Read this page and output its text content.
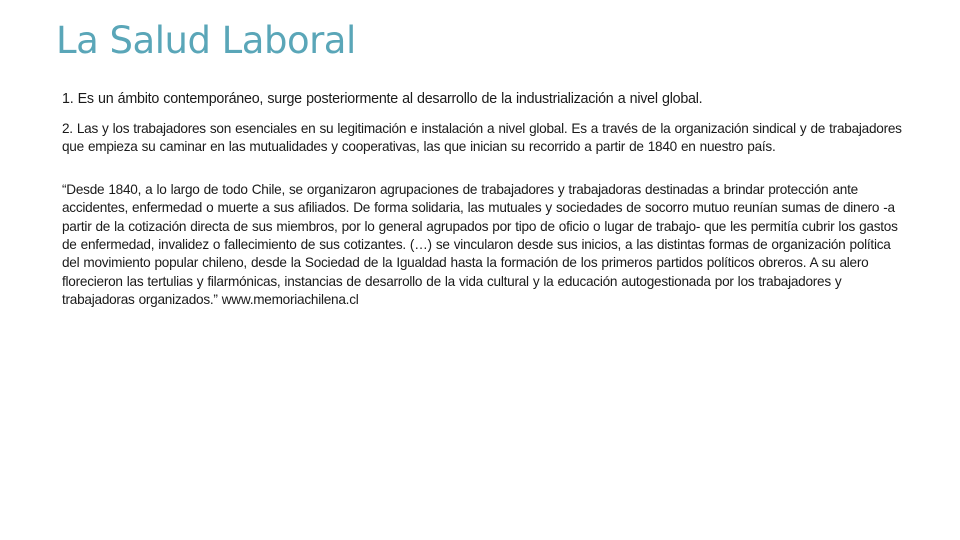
La Salud Laboral

1. Es un ámbito contemporáneo, surge posteriormente al desarrollo de la industrialización a nivel global.

2. Las y los trabajadores son esenciales en su legitimación e instalación a nivel global. Es a través de la organización sindical y de trabajadores que empieza su caminar en las mutualidades y cooperativas, las que inician su recorrido a partir de 1840 en nuestro país.

“Desde 1840, a lo largo de todo Chile, se organizaron agrupaciones de trabajadores y trabajadoras destinadas a brindar protección ante accidentes, enfermedad o muerte a sus afiliados. De forma solidaria, las mutuales y sociedades de socorro mutuo reunían sumas de dinero -a partir de la cotización directa de sus miembros, por lo general agrupados por tipo de oficio o lugar de trabajo- que les permitía cubrir los gastos de enfermedad, invalidez o fallecimiento de sus cotizantes. (…) se vincularon desde sus inicios, a las distintas formas de organización política del movimiento popular chileno, desde la Sociedad de la Igualdad hasta la formación de los primeros partidos políticos obreros. A su alero florecieron las tertulias y filarmónicas, instancias de desarrollo de la vida cultural y la educación autogestionada por los trabajadores y trabajadoras organizados.” www.memoriachilena.cl
